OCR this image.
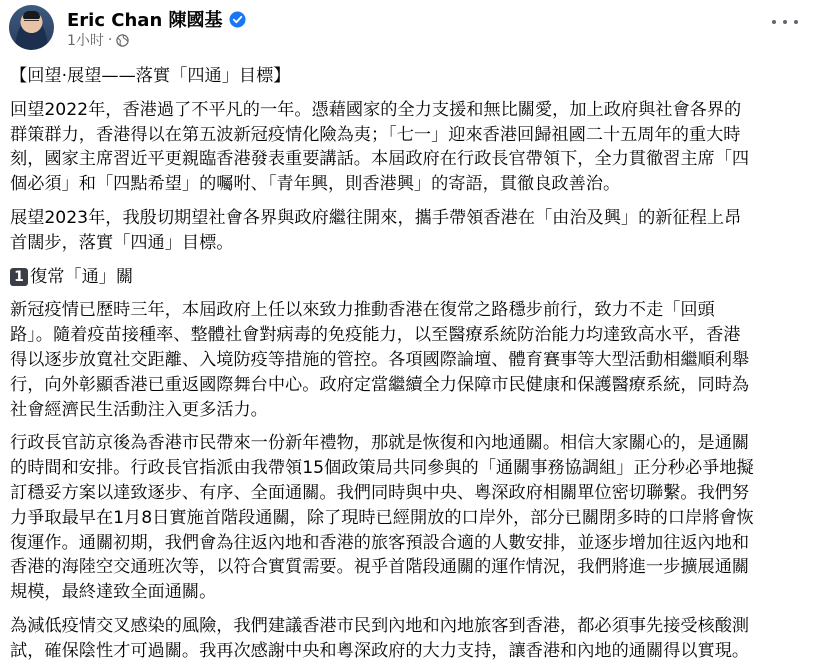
Eric Chan 陳國基
1小时 ·

【回望‧展望——落實「四通」目標】

回望2022年，香港過了不平凡的一年。憑藉國家的全力支援和無比關愛，加上政府與社會各界的
群策群力，香港得以在第五波新冠疫情化險為夷；「七一」迎來香港回歸祖國二十五周年的重大時
刻，國家主席習近平更親臨香港發表重要講話。本屆政府在行政長官帶領下，全力貫徹習主席「四
個必須」和「四點希望」的囑咐、「青年興，則香港興」的寄語，貫徹良政善治。

展望2023年，我殷切期望社會各界與政府繼往開來，攜手帶領香港在「由治及興」的新征程上昂
首闊步，落實「四通」目標。

1 復常「通」關

新冠疫情已歷時三年，本屆政府上任以來致力推動香港在復常之路穩步前行，致力不走「回頭
路」。隨着疫苗接種率、整體社會對病毒的免疫能力，以至醫療系統防治能力均達致高水平，香港
得以逐步放寬社交距離、入境防疫等措施的管控。各項國際論壇、體育賽事等大型活動相繼順利舉
行，向外彰顯香港已重返國際舞台中心。政府定當繼續全力保障市民健康和保護醫療系統，同時為
社會經濟民生活動注入更多活力。

行政長官訪京後為香港市民帶來一份新年禮物，那就是恢復和內地通關。相信大家關心的，是通關
的時間和安排。行政長官指派由我帶領15個政策局共同參與的「通關事務協調組」正分秒必爭地擬
訂穩妥方案以達致逐步、有序、全面通關。我們同時與中央、粵深政府相關單位密切聯繫。我們努
力爭取最早在1月8日實施首階段通關，除了現時已經開放的口岸外，部分已關閉多時的口岸將會恢
復運作。通關初期，我們會為往返內地和香港的旅客預設合適的人數安排，並逐步增加往返內地和
香港的海陸空交通班次等，以符合實質需要。視乎首階段通關的運作情況，我們將進一步擴展通關
規模，最終達致全面通關。

為減低疫情交叉感染的風險，我們建議香港市民到內地和內地旅客到香港，都必須事先接受核酸測
試，確保陰性才可過關。我再次感謝中央和粵深政府的大力支持，讓香港和內地的通關得以實現。
